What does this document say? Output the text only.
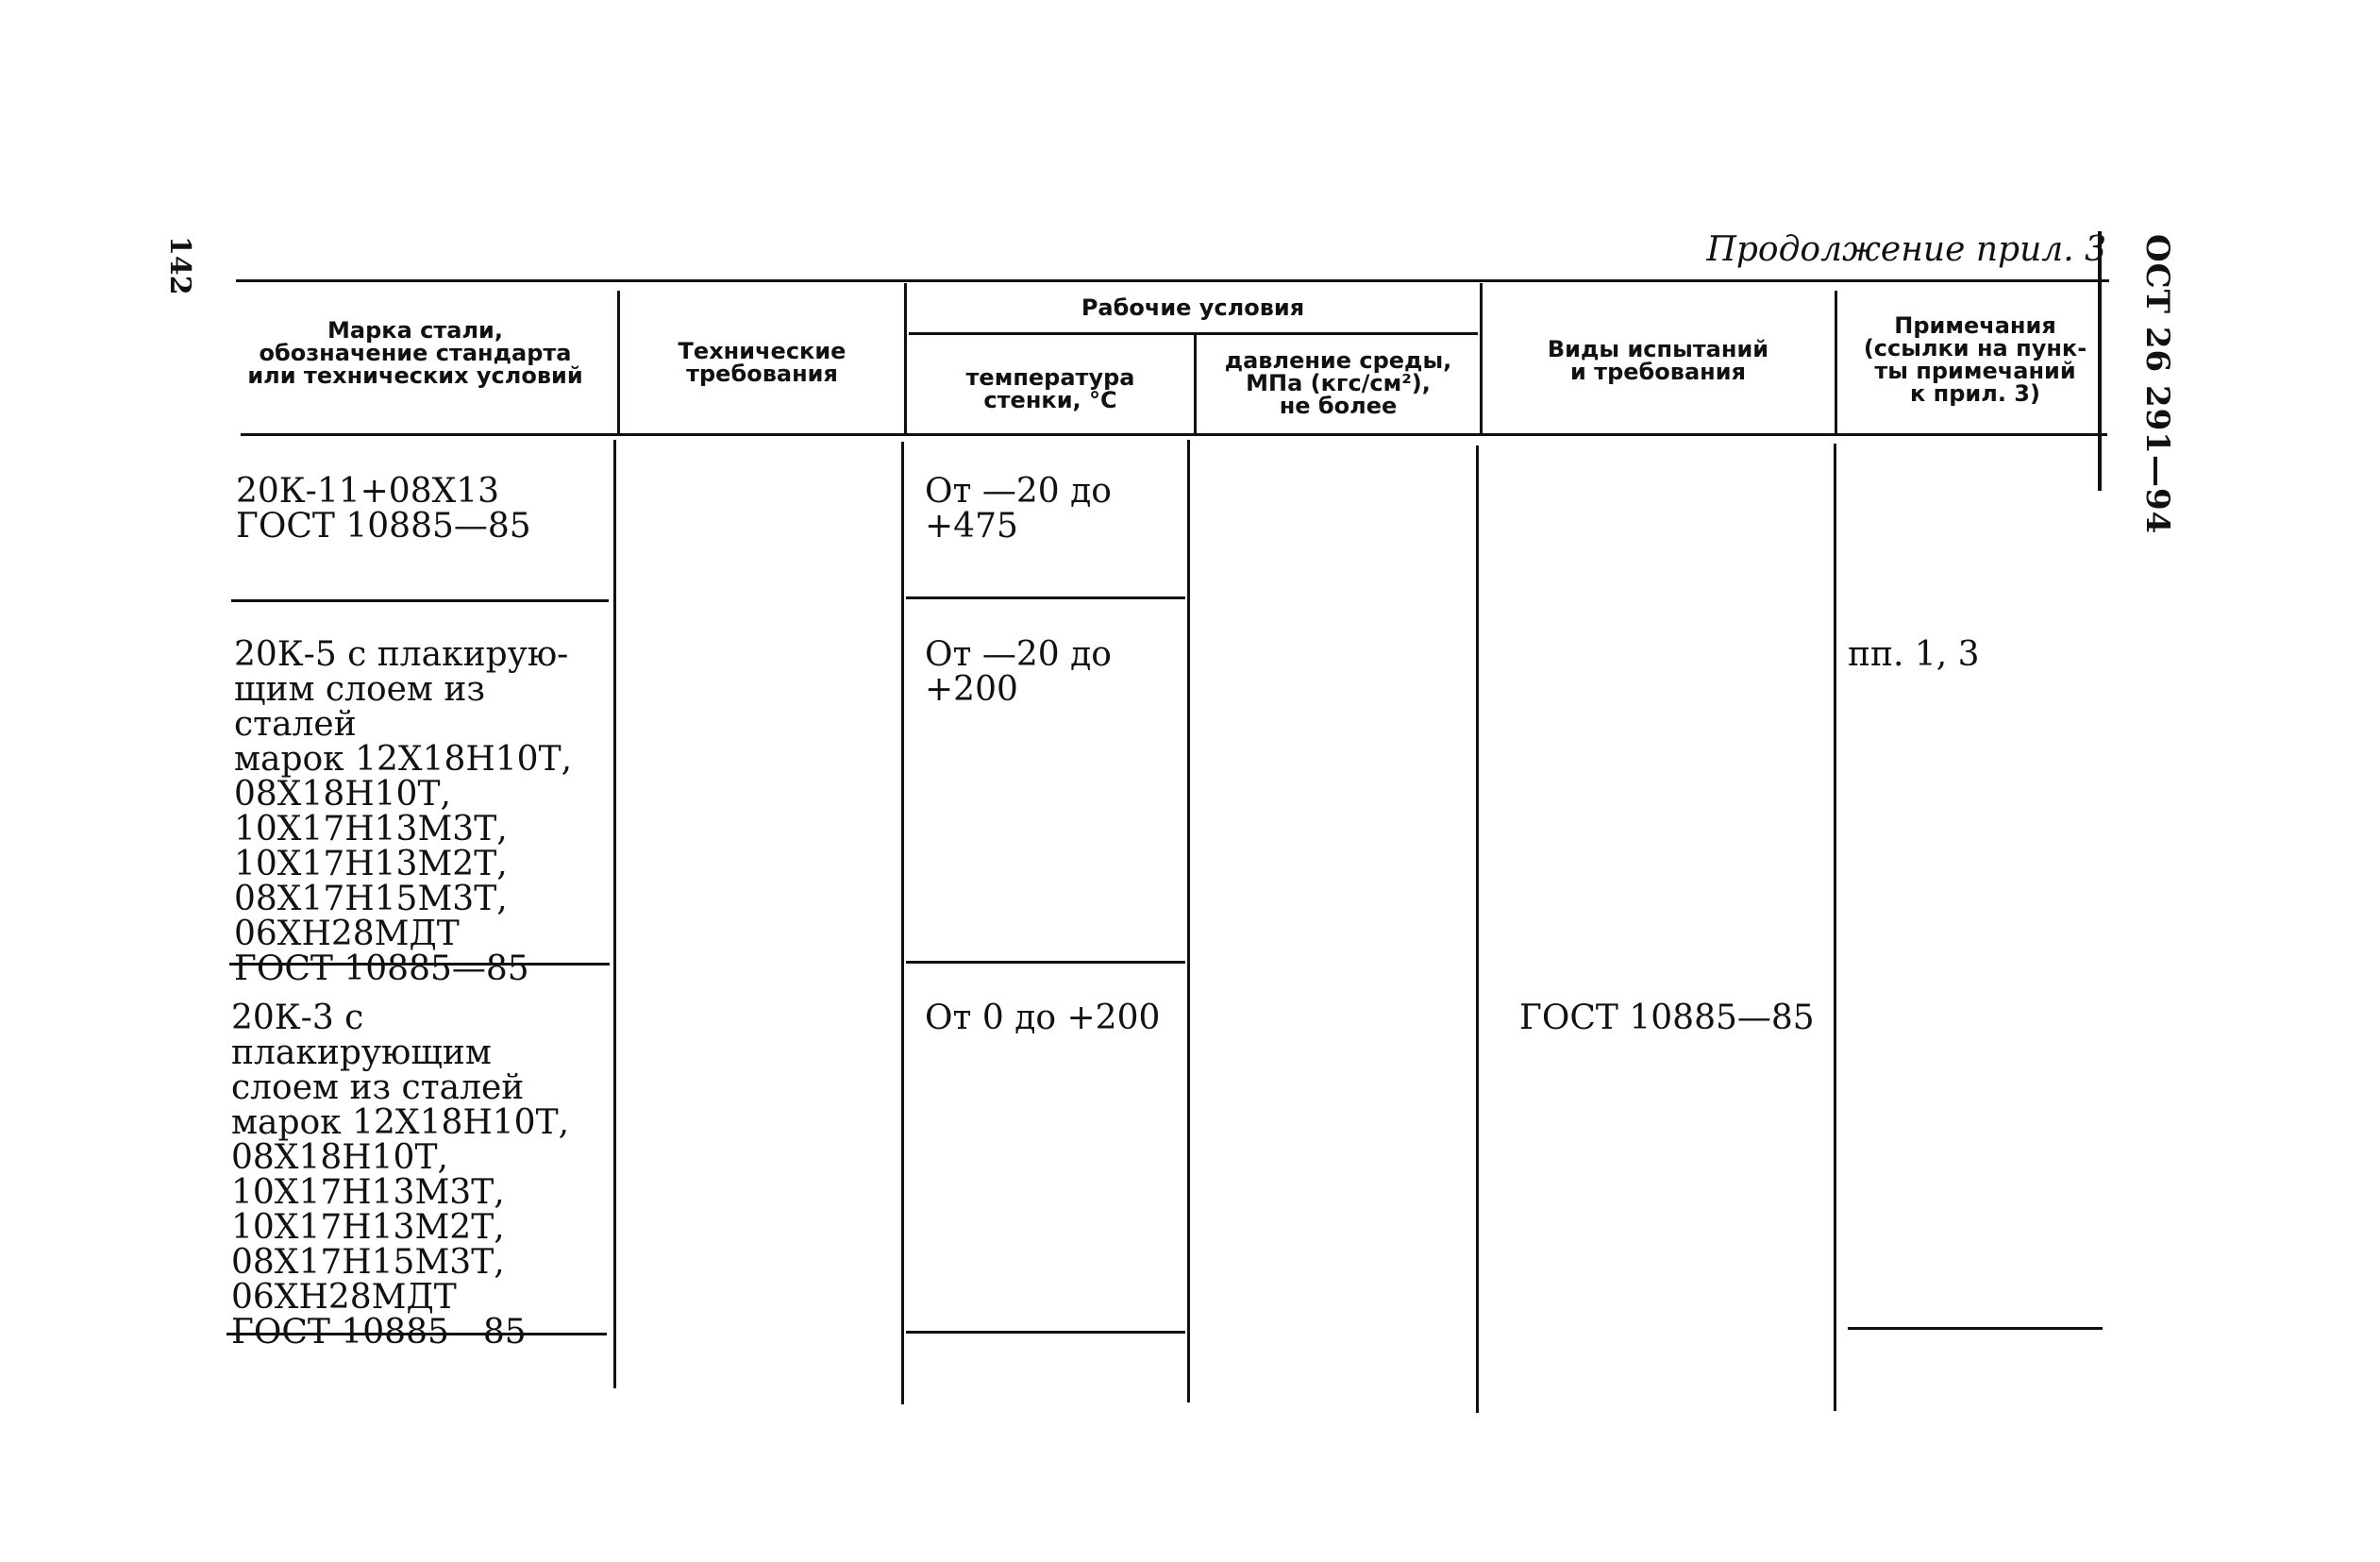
142	ОСТ 26 291—94
Продолжение прил. 3
Марка стали,
обозначение стандарта
или технических условий
Технические
требования
Рабочие условия
температура
стенки, °С
давление среды,
МПа (кгс/см²),
не более
Виды испытаний
и требования
Примечания
(ссылки на пунк-
ты примечаний
к прил. 3)
20К-11+08Х13
ГОСТ 10885—85
От —20 до
+475
20К-5 с плакирую-
щим слоем из сталей
марок 12Х18Н10Т,
08Х18Н10Т,
10Х17Н13М3Т,
10Х17Н13М2Т,
08Х17Н15М3Т,
06ХН28МДТ
ГОСТ 10885—85
От —20 до
+200
пп. 1, 3
20К-3 с плакирующим
слоем из сталей
марок 12Х18Н10Т,
08Х18Н10Т,
10Х17Н13М3Т,
10Х17Н13М2Т,
08Х17Н15М3Т,
06ХН28МДТ
ГОСТ 10885—85
От 0 до +200	ГОСТ 10885—85
